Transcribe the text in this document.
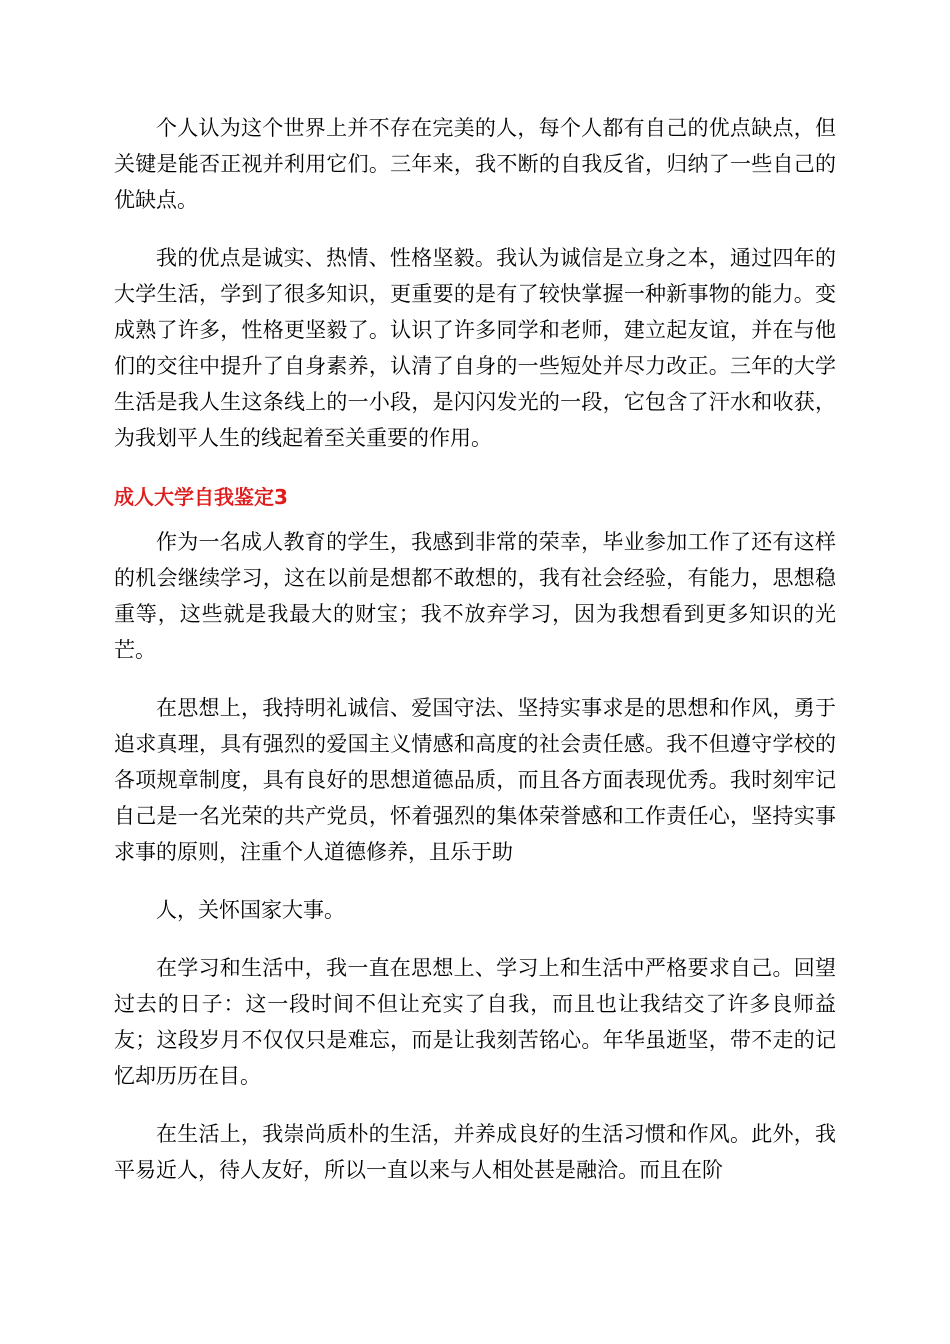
个人认为这个世界上并不存在完美的人，每个人都有自己的优点缺点，但关键是能否正视并利用它们。三年来，我不断的自我反省，归纳了一些自己的优缺点。

我的优点是诚实、热情、性格坚毅。我认为诚信是立身之本，通过四年的大学生活，学到了很多知识，更重要的是有了较快掌握一种新事物的能力。变成熟了许多，性格更坚毅了。认识了许多同学和老师，建立起友谊，并在与他们的交往中提升了自身素养，认清了自身的一些短处并尽力改正。三年的大学生活是我人生这条线上的一小段，是闪闪发光的一段，它包含了汗水和收获，为我划平人生的线起着至关重要的作用。

成人大学自我鉴定3

作为一名成人教育的学生，我感到非常的荣幸，毕业参加工作了还有这样的机会继续学习，这在以前是想都不敢想的，我有社会经验，有能力，思想稳重等，这些就是我最大的财宝；我不放弃学习，因为我想看到更多知识的光芒。

在思想上，我持明礼诚信、爱国守法、坚持实事求是的思想和作风，勇于追求真理，具有强烈的爱国主义情感和高度的社会责任感。我不但遵守学校的各项规章制度，具有良好的思想道德品质，而且各方面表现优秀。我时刻牢记自己是一名光荣的共产党员，怀着强烈的集体荣誉感和工作责任心，坚持实事求事的原则，注重个人道德修养，且乐于助

人，关怀国家大事。

在学习和生活中，我一直在思想上、学习上和生活中严格要求自己。回望过去的日子：这一段时间不但让充实了自我，而且也让我结交了许多良师益友；这段岁月不仅仅只是难忘，而是让我刻苦铭心。年华虽逝坚，带不走的记忆却历历在目。

在生活上，我崇尚质朴的生活，并养成良好的生活习惯和作风。此外，我平易近人，待人友好，所以一直以来与人相处甚是融洽。而且在阶
